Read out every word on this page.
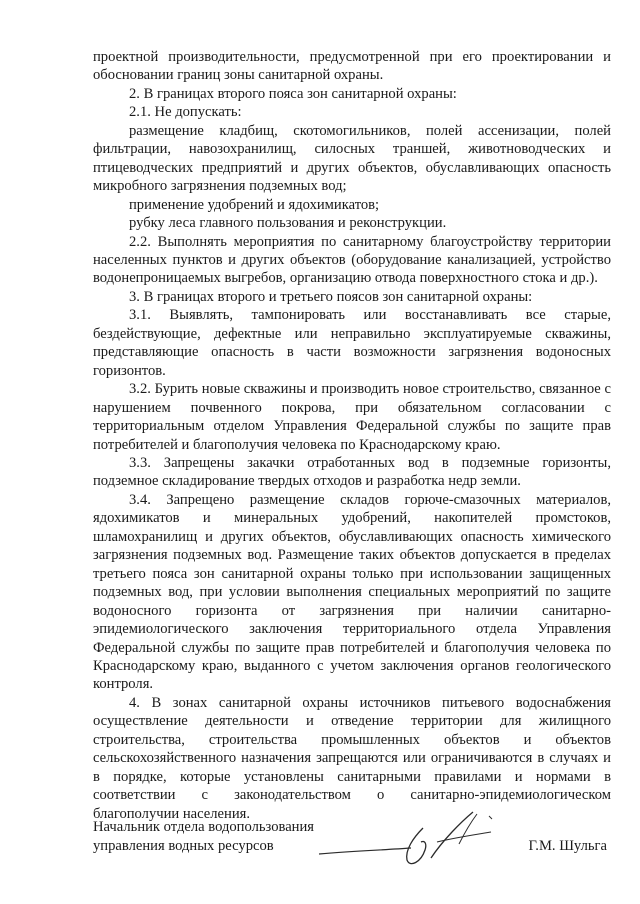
проектной производительности, предусмотренной при его проектировании и обосновании границ зоны санитарной охраны.

2. В границах второго пояса зон санитарной охраны:

2.1. Не допускать:

размещение кладбищ, скотомогильников, полей ассенизации, полей фильтрации, навозохранилищ, силосных траншей, животноводческих и птицеводческих предприятий и других объектов, обуславливающих опасность микробного загрязнения подземных вод;

применение удобрений и ядохимикатов;

рубку леса главного пользования и реконструкции.

2.2. Выполнять мероприятия по санитарному благоустройству территории населенных пунктов и других объектов (оборудование канализацией, устройство водонепроницаемых выгребов, организацию отвода поверхностного стока и др.).

3. В границах второго и третьего поясов зон санитарной охраны:

3.1. Выявлять, тампонировать или восстанавливать все старые, бездействующие, дефектные или неправильно эксплуатируемые скважины, представляющие опасность в части возможности загрязнения водоносных горизонтов.

3.2. Бурить новые скважины и производить новое строительство, связанное с нарушением почвенного покрова, при обязательном согласовании с территориальным отделом Управления Федеральной службы по защите прав потребителей и благополучия человека по Краснодарскому краю.

3.3. Запрещены закачки отработанных вод в подземные горизонты, подземное складирование твердых отходов и разработка недр земли.

3.4. Запрещено размещение складов горюче-смазочных материалов, ядохимикатов и минеральных удобрений, накопителей промстоков, шламохранилищ и других объектов, обуславливающих опасность химического загрязнения подземных вод. Размещение таких объектов допускается в пределах третьего пояса зон санитарной охраны только при использовании защищенных подземных вод, при условии выполнения специальных мероприятий по защите водоносного горизонта от загрязнения при наличии санитарно-эпидемиологического заключения территориального отдела Управления Федеральной службы по защите прав потребителей и благополучия человека по Краснодарскому краю, выданного с учетом заключения органов геологического контроля.

4. В зонах санитарной охраны источников питьевого водоснабжения осуществление деятельности и отведение территории для жилищного строительства, строительства промышленных объектов и объектов сельскохозяйственного назначения запрещаются или ограничиваются в случаях и в порядке, которые установлены санитарными правилами и нормами в соответствии с законодательством о санитарно-эпидемиологическом благополучии населения.

Начальник отдела водопользования
управления водных ресурсов	Г.М. Шульга
